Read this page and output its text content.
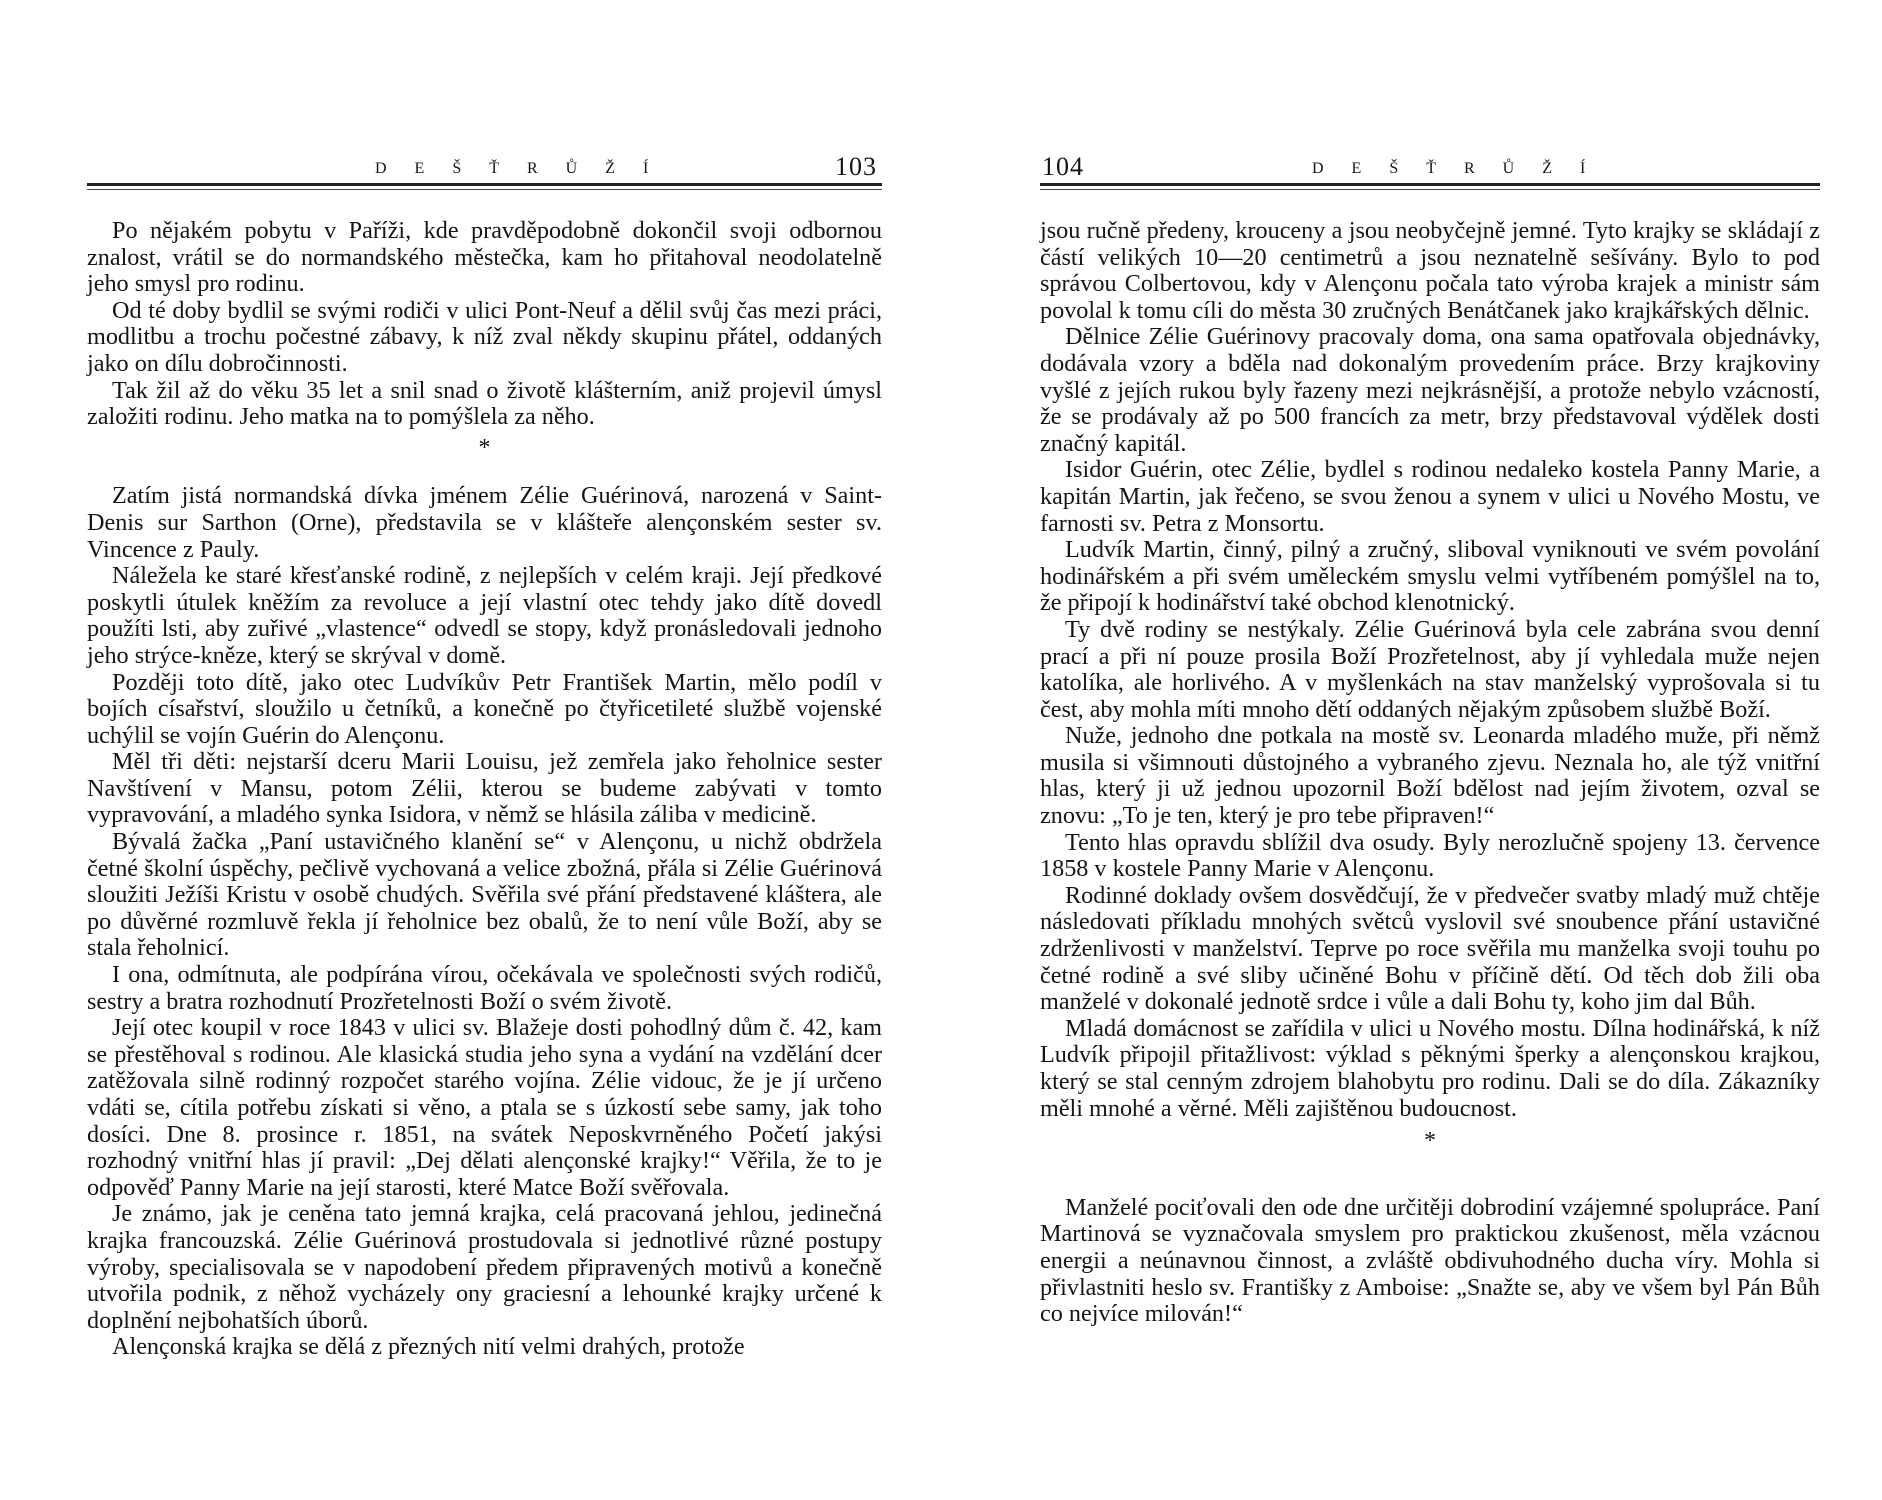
D E Š Ť R Ů Ž Í	103

Po nějakém pobytu v Paříži, kde pravděpodobně dokončil svoji odbornou znalost, vrátil se do normandského městečka, kam ho přitahoval neodolatelně jeho smysl pro rodinu.

Od té doby bydlil se svými rodiči v ulici Pont-Neuf a dělil svůj čas mezi práci, modlitbu a trochu počestné zábavy, k níž zval někdy skupinu přátel, oddaných jako on dílu dobročinnosti.

Tak žil až do věku 35 let a snil snad o životě klášterním, aniž projevil úmysl založiti rodinu. Jeho matka na to pomýšlela za něho.

*

Zatím jistá normandská dívka jménem Zélie Guérinová, narozená v Saint-Denis sur Sarthon (Orne), představila se v klášteře alençonském sester sv. Vincence z Pauly.

Náležela ke staré křesťanské rodině, z nejlepších v celém kraji. Její předkové poskytli útulek kněžím za revoluce a její vlastní otec tehdy jako dítě dovedl použíti lsti, aby zuřivé „vlastence“ odvedl se stopy, když pronásledovali jednoho jeho strýce-kněze, který se skrýval v domě.

Později toto dítě, jako otec Ludvíkův Petr František Martin, mělo podíl v bojích císařství, sloužilo u četníků, a konečně po čtyřicetileté službě vojenské uchýlil se vojín Guérin do Alençonu.

Měl tři děti: nejstarší dceru Marii Louisu, jež zemřela jako řeholnice sester Navštívení v Mansu, potom Zélii, kterou se budeme zabývati v tomto vypravování, a mladého synka Isidora, v němž se hlásila záliba v medicině.

Bývalá žačka „Paní ustavičného klanění se“ v Alençonu, u nichž obdržela četné školní úspěchy, pečlivě vychovaná a velice zbožná, přála si Zélie Guérinová sloužiti Ježíši Kristu v osobě chudých. Svěřila své přání představené kláštera, ale po důvěrné rozmluvě řekla jí řeholnice bez obalů, že to není vůle Boží, aby se stala řeholnicí.

I ona, odmítnuta, ale podpírána vírou, očekávala ve společnosti svých rodičů, sestry a bratra rozhodnutí Prozřetelnosti Boží o svém životě.

Její otec koupil v roce 1843 v ulici sv. Blažeje dosti pohodlný dům č. 42, kam se přestěhoval s rodinou. Ale klasická studia jeho syna a vydání na vzdělání dcer zatěžovala silně rodinný rozpočet starého vojína. Zélie vidouc, že je jí určeno vdáti se, cítila potřebu získati si věno, a ptala se s úzkostí sebe samy, jak toho dosíci. Dne 8. prosince r. 1851, na svátek Neposkvrněného Početí jakýsi rozhodný vnitřní hlas jí pravil: „Dej dělati alençonské krajky!“ Věřila, že to je odpověď Panny Marie na její starosti, které Matce Boží svěřovala.

Je známo, jak je ceněna tato jemná krajka, celá pracovaná jehlou, jedinečná krajka francouzská. Zélie Guérinová prostudovala si jednotlivé různé postupy výroby, specialisovala se v napodobení předem připravených motivů a konečně utvořila podnik, z něhož vycházely ony graciesní a lehounké krajky určené k doplnění nejbohatších úborů.

Alençonská krajka se dělá z přezných nití velmi drahých, protože

104	D E Š Ť R Ů Ž Í

jsou ručně předeny, krouceny a jsou neobyčejně jemné. Tyto krajky se skládají z částí velikých 10—20 centimetrů a jsou neznatelně sešívány. Bylo to pod správou Colbertovou, kdy v Alençonu počala tato výroba krajek a ministr sám povolal k tomu cíli do města 30 zručných Benátčanek jako krajkářských dělnic.

Dělnice Zélie Guérinovy pracovaly doma, ona sama opatřovala objednávky, dodávala vzory a bděla nad dokonalým provedením práce. Brzy krajkoviny vyšlé z jejích rukou byly řazeny mezi nejkrásnější, a protože nebylo vzácností, že se prodávaly až po 500 francích za metr, brzy představoval výdělek dosti značný kapitál.

Isidor Guérin, otec Zélie, bydlel s rodinou nedaleko kostela Panny Marie, a kapitán Martin, jak řečeno, se svou ženou a synem v ulici u Nového Mostu, ve farnosti sv. Petra z Monsortu.

Ludvík Martin, činný, pilný a zručný, sliboval vyniknouti ve svém povolání hodinářském a při svém uměleckém smyslu velmi vytříbeném pomýšlel na to, že připojí k hodinářství také obchod klenotnický.

Ty dvě rodiny se nestýkaly. Zélie Guérinová byla cele zabrána svou denní prací a při ní pouze prosila Boží Prozřetelnost, aby jí vyhledala muže nejen katolíka, ale horlivého. A v myšlenkách na stav manželský vyprošovala si tu čest, aby mohla míti mnoho dětí oddaných nějakým způsobem službě Boží.

Nuže, jednoho dne potkala na mostě sv. Leonarda mladého muže, při němž musila si všimnouti důstojného a vybraného zjevu. Neznala ho, ale týž vnitřní hlas, který ji už jednou upozornil Boží bdělost nad jejím životem, ozval se znovu: „To je ten, který je pro tebe připraven!“

Tento hlas opravdu sblížil dva osudy. Byly nerozlučně spojeny 13. července 1858 v kostele Panny Marie v Alençonu.

Rodinné doklady ovšem dosvědčují, že v předvečer svatby mladý muž chtěje následovati příkladu mnohých světců vyslovil své snoubence přání ustavičné zdrženlivosti v manželství. Teprve po roce svěřila mu manželka svoji touhu po četné rodině a své sliby učiněné Bohu v příčině dětí. Od těch dob žili oba manželé v dokonalé jednotě srdce i vůle a dali Bohu ty, koho jim dal Bůh.

Mladá domácnost se zařídila v ulici u Nového mostu. Dílna hodinářská, k níž Ludvík připojil přitažlivost: výklad s pěknými šperky a alençonskou krajkou, který se stal cenným zdrojem blahobytu pro rodinu. Dali se do díla. Zákazníky měli mnohé a věrné. Měli zajištěnou budoucnost.

*

Manželé pociťovali den ode dne určitěji dobrodiní vzájemné spolupráce. Paní Martinová se vyznačovala smyslem pro praktickou zkušenost, měla vzácnou energii a neúnavnou činnost, a zvláště obdivuhodného ducha víry. Mohla si přivlastniti heslo sv. Františky z Amboise: „Snažte se, aby ve všem byl Pán Bůh co nejvíce milován!“
